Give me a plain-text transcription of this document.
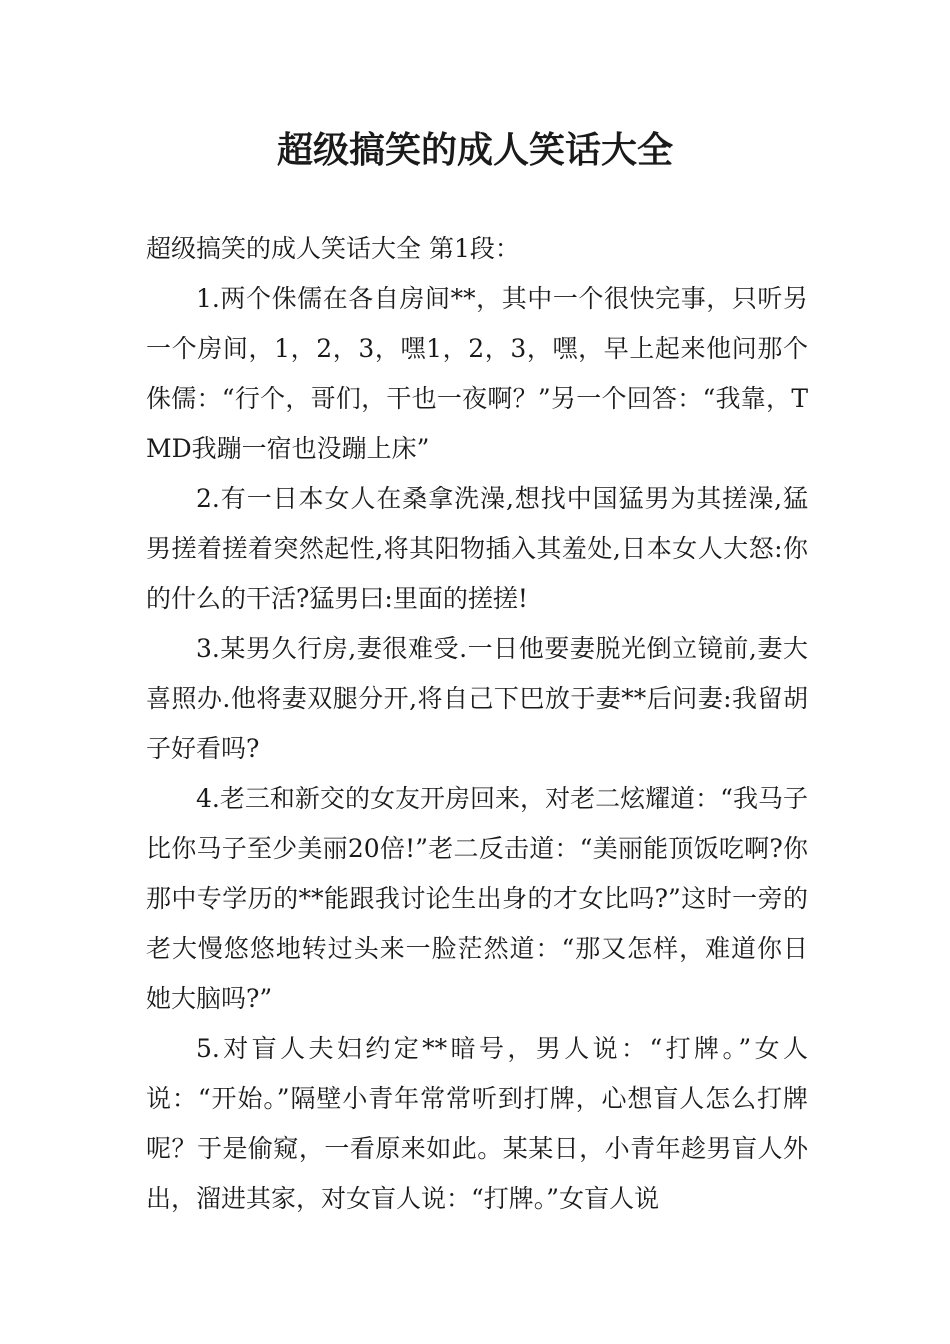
超级搞笑的成人笑话大全

超级搞笑的成人笑话大全 第1段：

1.两个侏儒在各自房间**，其中一个很快完事，只听另一个房间，1，2，3，嘿1，2，3，嘿，早上起来他问那个侏儒：“行个，哥们，干也一夜啊？”另一个回答：“我靠，TMD我蹦一宿也没蹦上床”

2.有一日本女人在桑拿洗澡,想找中国猛男为其搓澡,猛男搓着搓着突然起性,将其阳物插入其羞处,日本女人大怒:你的什么的干活?猛男曰:里面的搓搓!

3.某男久行房,妻很难受.一日他要妻脱光倒立镜前,妻大喜照办.他将妻双腿分开,将自己下巴放于妻**后问妻:我留胡子好看吗?

4.老三和新交的女友开房回来，对老二炫耀道：“我马子比你马子至少美丽20倍!”老二反击道：“美丽能顶饭吃啊?你那中专学历的**能跟我讨论生出身的才女比吗?”这时一旁的老大慢悠悠地转过头来一脸茫然道：“那又怎样，难道你日她大脑吗?”

5.对盲人夫妇约定**暗号，男人说：“打牌。”女人说：“开始。”隔壁小青年常常听到打牌，心想盲人怎么打牌呢？于是偷窥，一看原来如此。某某日，小青年趁男盲人外出，溜进其家，对女盲人说：“打牌。”女盲人说
